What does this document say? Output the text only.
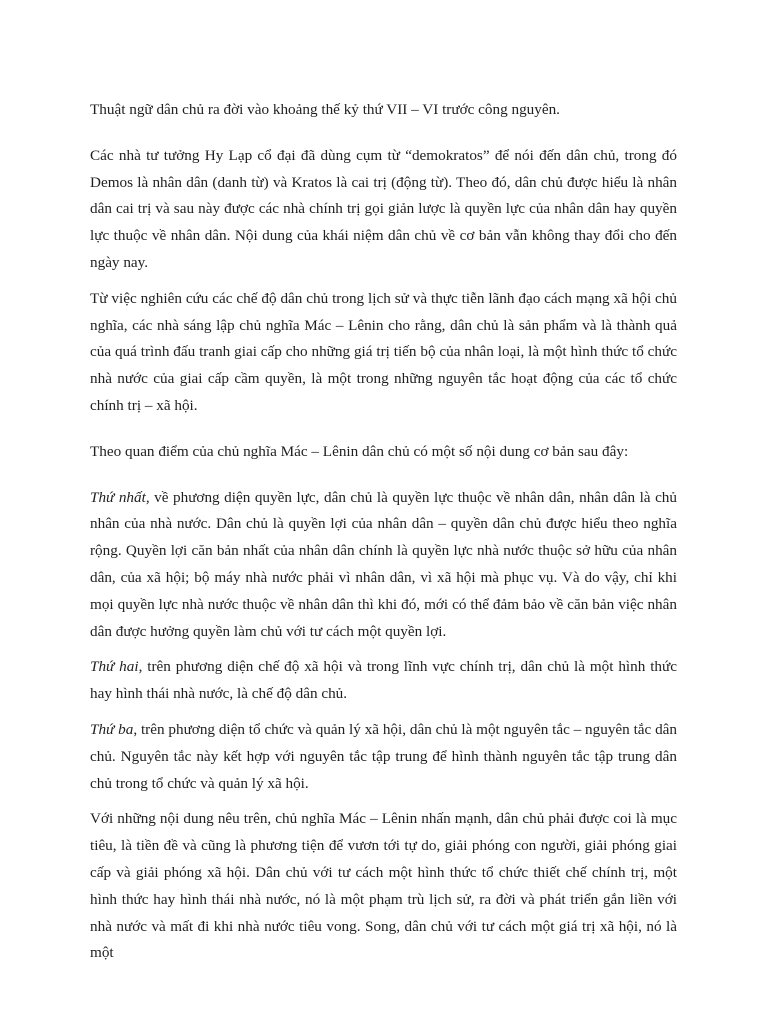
Thuật ngữ dân chủ ra đời vào khoảng thế kỷ thứ VII – VI trước công nguyên.

Các nhà tư tưởng Hy Lạp cổ đại đã dùng cụm từ “demokratos” để nói đến dân chủ, trong đó Demos là nhân dân (danh từ) và Kratos là cai trị (động từ). Theo đó, dân chủ được hiểu là nhân dân cai trị và sau này được các nhà chính trị gọi giản lược là quyền lực của nhân dân hay quyền lực thuộc về nhân dân. Nội dung của khái niệm dân chủ về cơ bản vẫn không thay đổi cho đến ngày nay.

Từ việc nghiên cứu các chế độ dân chủ trong lịch sử và thực tiễn lãnh đạo cách mạng xã hội chủ nghĩa, các nhà sáng lập chủ nghĩa Mác – Lênin cho rằng, dân chủ là sản phẩm và là thành quả của quá trình đấu tranh giai cấp cho những giá trị tiến bộ của nhân loại, là một hình thức tổ chức nhà nước của giai cấp cầm quyền, là một trong những nguyên tắc hoạt động của các tổ chức chính trị – xã hội.

Theo quan điểm của chủ nghĩa Mác – Lênin dân chủ có một số nội dung cơ bản sau đây:

Thứ nhất, về phương diện quyền lực, dân chủ là quyền lực thuộc về nhân dân, nhân dân là chủ nhân của nhà nước. Dân chủ là quyền lợi của nhân dân – quyền dân chủ được hiểu theo nghĩa rộng. Quyền lợi căn bản nhất của nhân dân chính là quyền lực nhà nước thuộc sở hữu của nhân dân, của xã hội; bộ máy nhà nước phải vì nhân dân, vì xã hội mà phục vụ. Và do vậy, chỉ khi mọi quyền lực nhà nước thuộc về nhân dân thì khi đó, mới có thể đảm bảo về căn bản việc nhân dân được hưởng quyền làm chủ với tư cách một quyền lợi.

Thứ hai, trên phương diện chế độ xã hội và trong lĩnh vực chính trị, dân chủ là một hình thức hay hình thái nhà nước, là chế độ dân chủ.

Thứ ba, trên phương diện tổ chức và quản lý xã hội, dân chủ là một nguyên tắc – nguyên tắc dân chủ. Nguyên tắc này kết hợp với nguyên tắc tập trung để hình thành nguyên tắc tập trung dân chủ trong tổ chức và quản lý xã hội.

Với những nội dung nêu trên, chủ nghĩa Mác – Lênin nhấn mạnh, dân chủ phải được coi là mục tiêu, là tiền đề và cũng là phương tiện để vươn tới tự do, giải phóng con người, giải phóng giai cấp và giải phóng xã hội. Dân chủ với tư cách một hình thức tổ chức thiết chế chính trị, một hình thức hay hình thái nhà nước, nó là một phạm trù lịch sử, ra đời và phát triển gắn liền với nhà nước và mất đi khi nhà nước tiêu vong. Song, dân chủ với tư cách một giá trị xã hội, nó là một
